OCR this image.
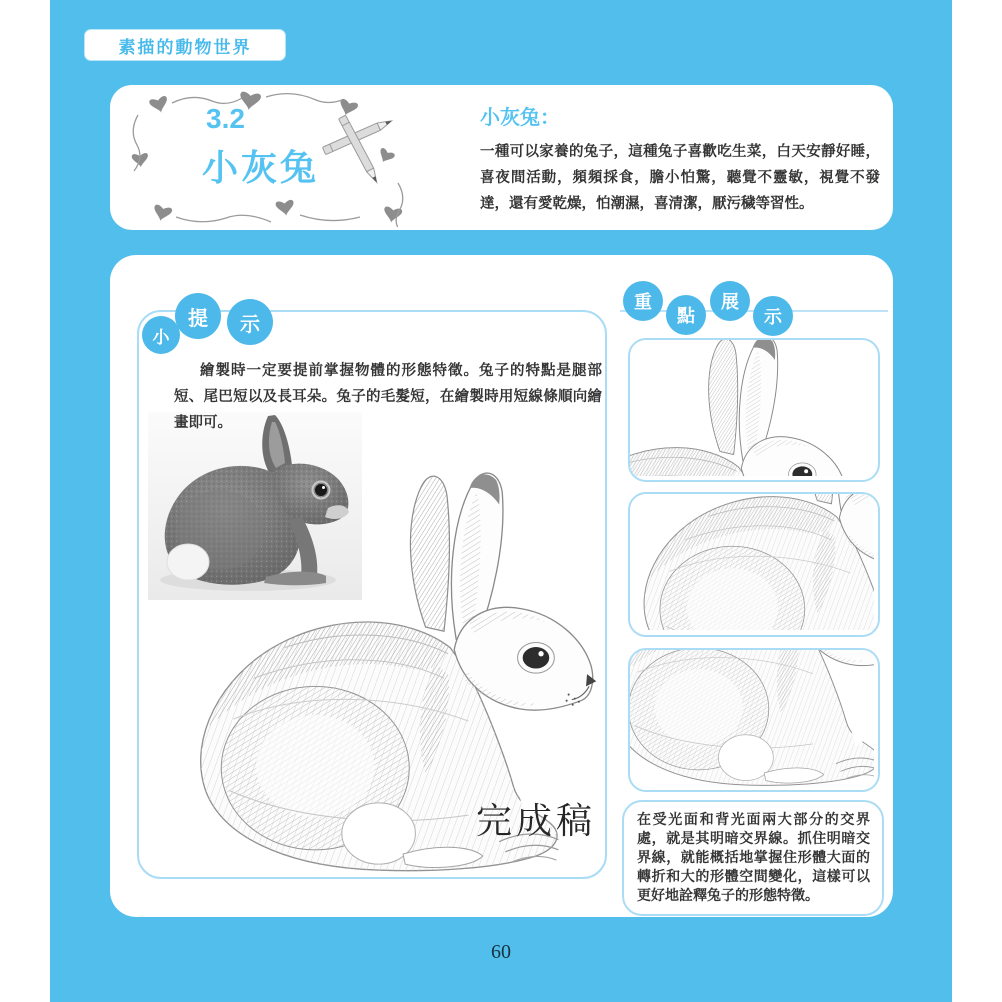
素描的動物世界
3.2
小灰兔

小灰兔：

一種可以家養的兔子，這種兔子喜歡吃生菜，白天安靜好睡，喜夜間活動，頻頻採食，膽小怕驚，聽覺不靈敏，視覺不發達，還有愛乾燥，怕潮濕，喜清潔，厭污穢等習性。

小
提 示

繪製時一定要提前掌握物體的形態特徵。兔子的特點是腿部短、尾巴短以及長耳朵。兔子的毛髮短，在繪製時用短線條順向繪畫即可。

完成稿
重
點
展
示

在受光面和背光面兩大部分的交界處，就是其明暗交界線。抓住明暗交界線，就能概括地掌握住形體大面的轉折和大的形體空間變化，這樣可以更好地詮釋兔子的形態特徵。

60
